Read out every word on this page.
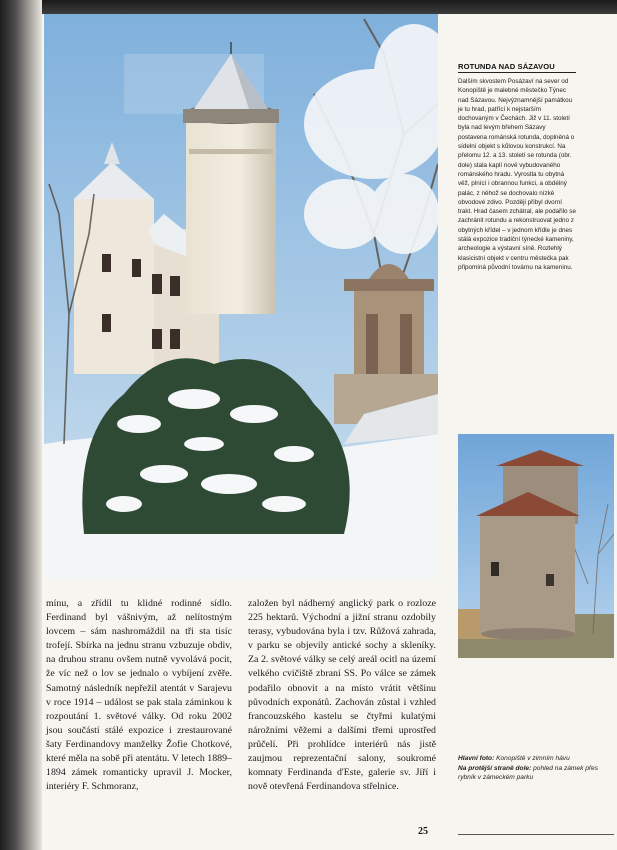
ROTUNDA NAD SÁZAVOU

Dalším skvostem Posázaví na sever od Konopiště je malebné městečko Týnec nad Sázavou. Nejvýznamnější památkou je tu hrad, patřící k nejstarším dochovaným v Čechách. Již v 11. století byla nad levým břehem Sázavy postavena románská rotunda, doplněná o sídelní objekt s kůlovou konstrukcí. Na přelomu 12. a 13. století se rotunda (obr. dole) stala kaplí nově vybudovaného románského hradu. Vyrostla tu obytná věž, plnící i obrannou funkci, a obdélný palác, z něhož se dochovalo nízké obvodové zdivo. Později přibyl dvorní trakt. Hrad časem zchátral, ale podařilo se zachránit rotundu a rekonstruovat jedno z obytných křídel – v jednom křídle je dnes stálá expozice tradiční týnecké kameniny, archeologie a výstavní síně. Rozlehlý klasicistní objekt v centru městečka pak připomíná původní továrnu na kameninu.

mínu, a zřídil tu klidné rodinné sídlo. Ferdinand byl vášnivým, až nelítostným lovcem – sám nashromáždil na tři sta tisíc trofejí. Sbírka na jednu stranu vzbuzuje obdiv, na druhou stranu ovšem nutně vyvolává pocit, že víc než o lov se jednalo o vybíjení zvěře. Samotný následník nepřežil atentát v Sarajevu v roce 1914 – událost se pak stala záminkou k rozpoutání 1. světové války. Od roku 2002 jsou součástí stálé expozice i zrestaurované šaty Ferdinandovy manželky Žofie Chotkové, které měla na sobě při atentátu. V letech 1889–1894 zámek romanticky upravil J. Mocker, interiéry F. Schmoranz,

založen byl nádherný anglický park o rozloze 225 hektarů. Východní a jižní stranu ozdobily terasy, vybudována byla i tzv. Růžová zahrada, v parku se objevily antické sochy a skleníky. Za 2. světové války se celý areál ocitl na území velkého cvičiště zbraní SS. Po válce se zámek podařilo obnovit a na místo vrátit většinu původních exponátů. Zachován zůstal i vzhled francouzského kastelu se čtyřmi kulatými nárožními věžemi a dalšími třemi uprostřed průčelí. Při prohlídce interiérů nás jistě zaujmou reprezentační salony, soukromé komnaty Ferdinanda d'Este, galerie sv. Jiří i nově otevřená Ferdinandova střelnice.

Hlavní foto: Konopiště v zimním hávu
Na protější straně dole: pohled na zámek přes rybník v zámeckém parku
25
